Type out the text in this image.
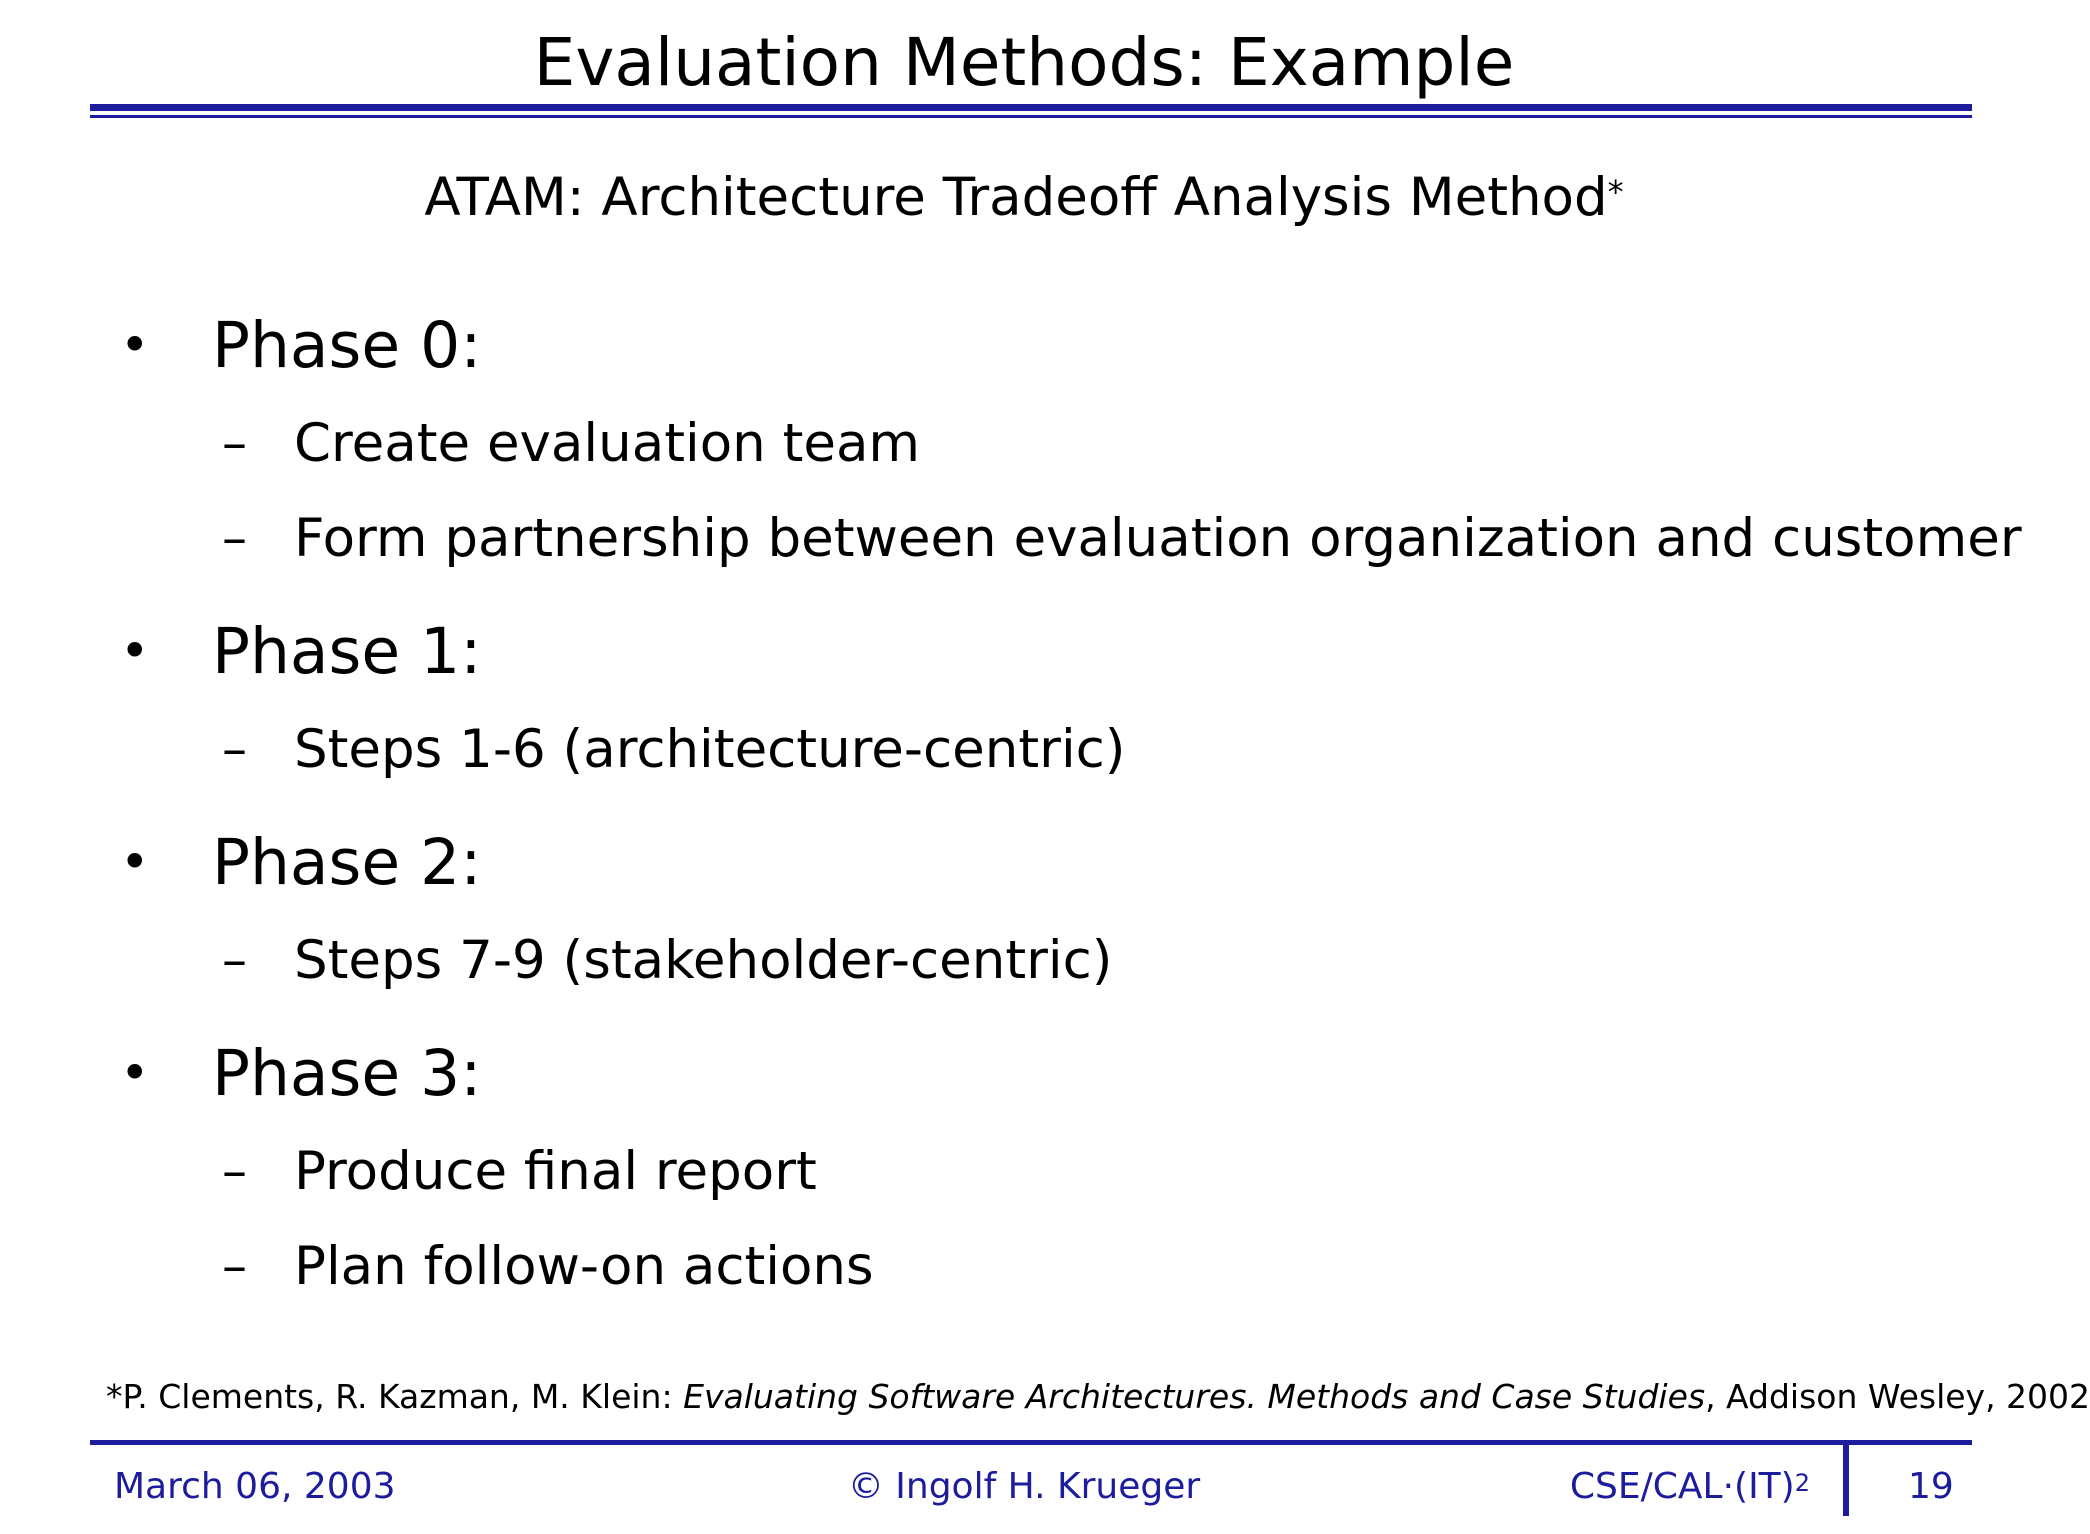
Evaluation Methods: Example
ATAM: Architecture Tradeoff Analysis Method*
• Phase 0:
– Create evaluation team
– Form partnership between evaluation organization and customer
• Phase 1:
– Steps 1-6 (architecture-centric)
• Phase 2:
– Steps 7-9 (stakeholder-centric)
• Phase 3:
– Produce final report
– Plan follow-on actions
*P. Clements, R. Kazman, M. Klein: Evaluating Software Architectures. Methods and Case Studies, Addison Wesley, 2002
March 06, 2003	© Ingolf H. Krueger	CSE/CAL·(IT)$^2$	19
